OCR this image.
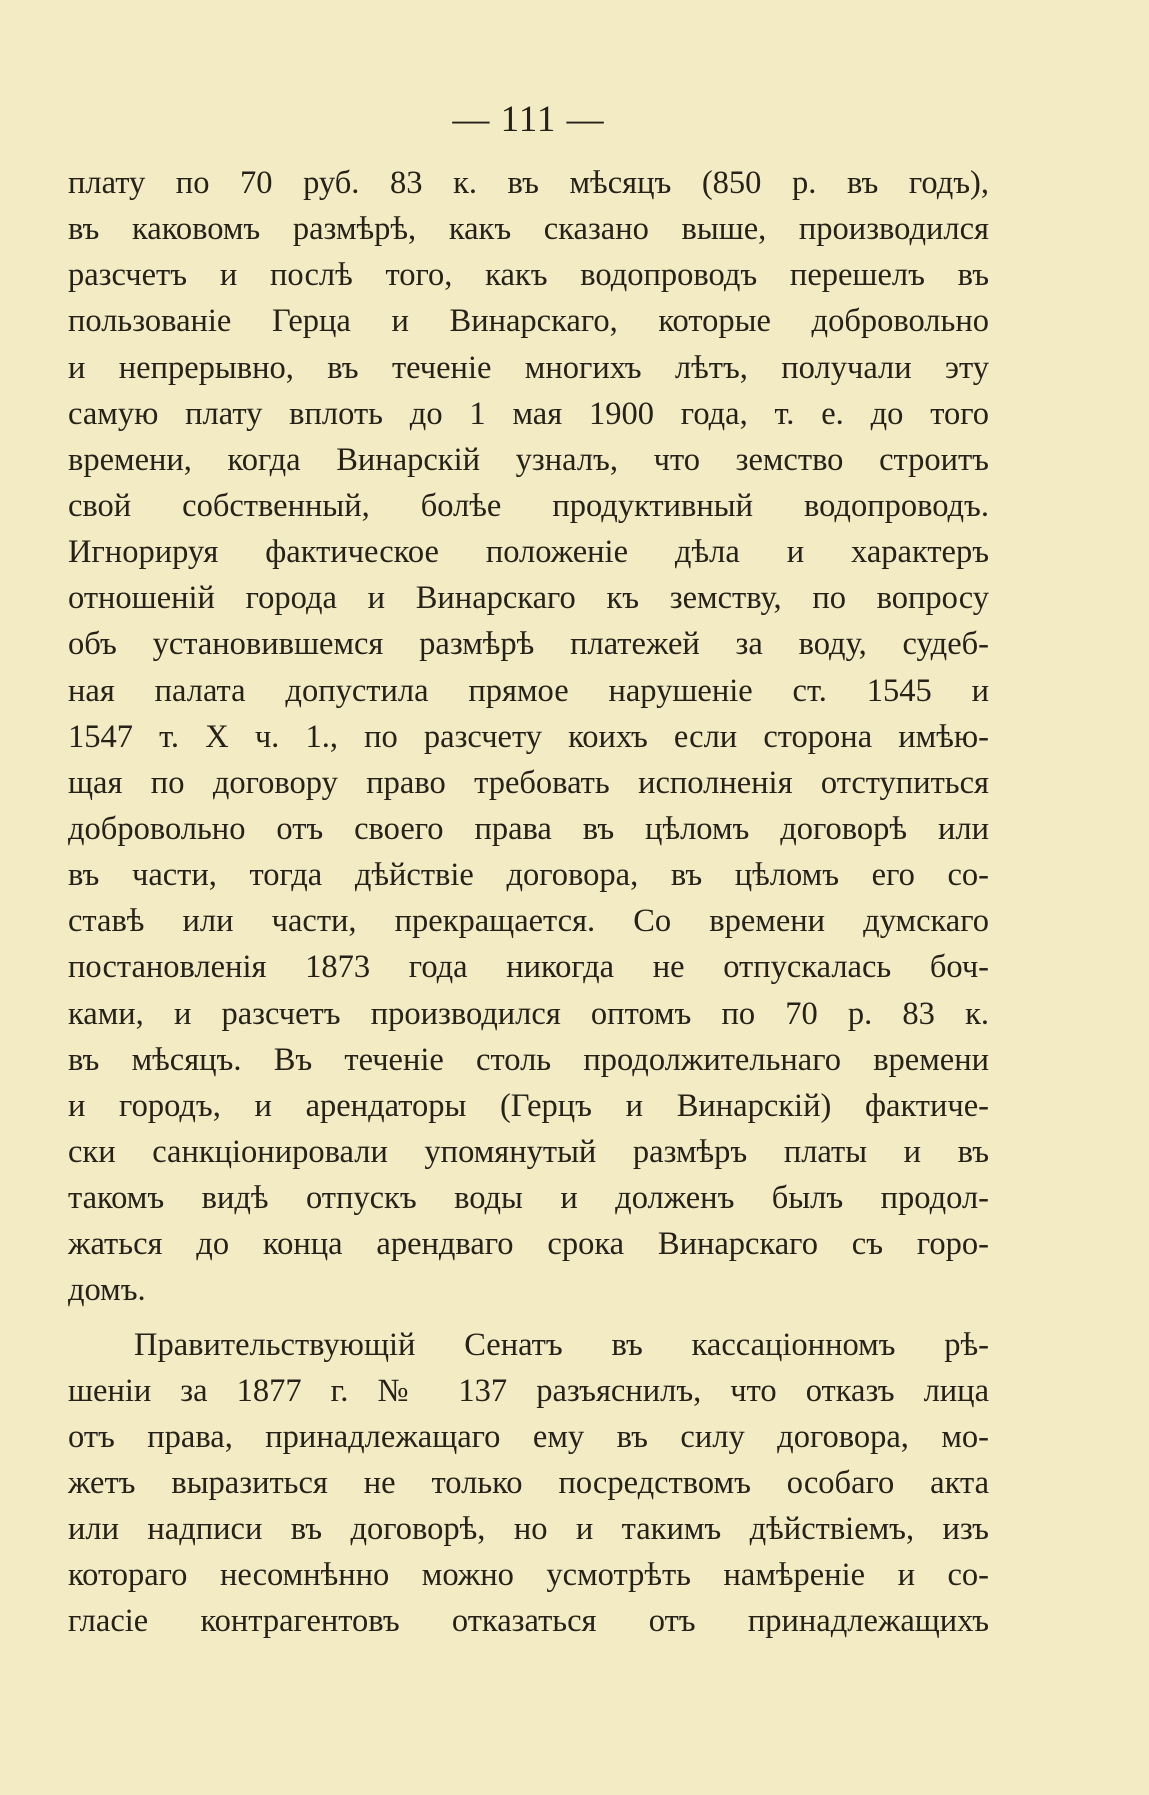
— 111 —
плату по 70 руб. 83 к. въ мѣсяцъ (850 р. въ годъ),
въ каковомъ размѣрѣ, какъ сказано выше, производился
разсчетъ и послѣ того, какъ водопроводъ перешелъ въ
пользованіе Герца и Винарскаго, которые добровольно
и непрерывно, въ теченіе многихъ лѣтъ, получали эту
самую плату вплоть до 1 мая 1900 года, т. е. до того
времени, когда Винарскій узналъ, что земство строитъ
свой собственный, болѣе продуктивный водопроводъ.
Игнорируя фактическое положеніе дѣла и характеръ
отношеній города и Винарскаго къ земству, по вопросу
объ установившемся размѣрѣ платежей за воду, судеб-
ная палата допустила прямое нарушеніе ст. 1545 и
1547 т. X ч. 1., по разсчету коихъ если сторона имѣю-
щая по договору право требовать исполненія отступиться
добровольно отъ своего права въ цѣломъ договорѣ или
въ части, тогда дѣйствіе договора, въ цѣломъ его со-
ставѣ или части, прекращается. Со времени думскаго
постановленія 1873 года никогда не отпускалась боч-
ками, и разсчетъ производился оптомъ по 70 р. 83 к.
въ мѣсяцъ. Въ теченіе столь продолжительнаго времени
и городъ, и арендаторы (Герцъ и Винарскій) фактиче-
ски санкціонировали упомянутый размѣръ платы и въ
такомъ видѣ отпускъ воды и долженъ былъ продол-
жаться до конца арендваго срока Винарскаго съ горо-
домъ.
Правительствующій Сенатъ въ кассаціонномъ рѣ-
шеніи за 1877 г. № 137 разъяснилъ, что отказъ лица
отъ права, принадлежащаго ему въ силу договора, мо-
жетъ выразиться не только посредствомъ особаго акта
или надписи въ договорѣ, но и такимъ дѣйствіемъ, изъ
котораго несомнѣнно можно усмотрѣть намѣреніе и со-
гласіе контрагентовъ отказаться отъ принадлежащихъ
